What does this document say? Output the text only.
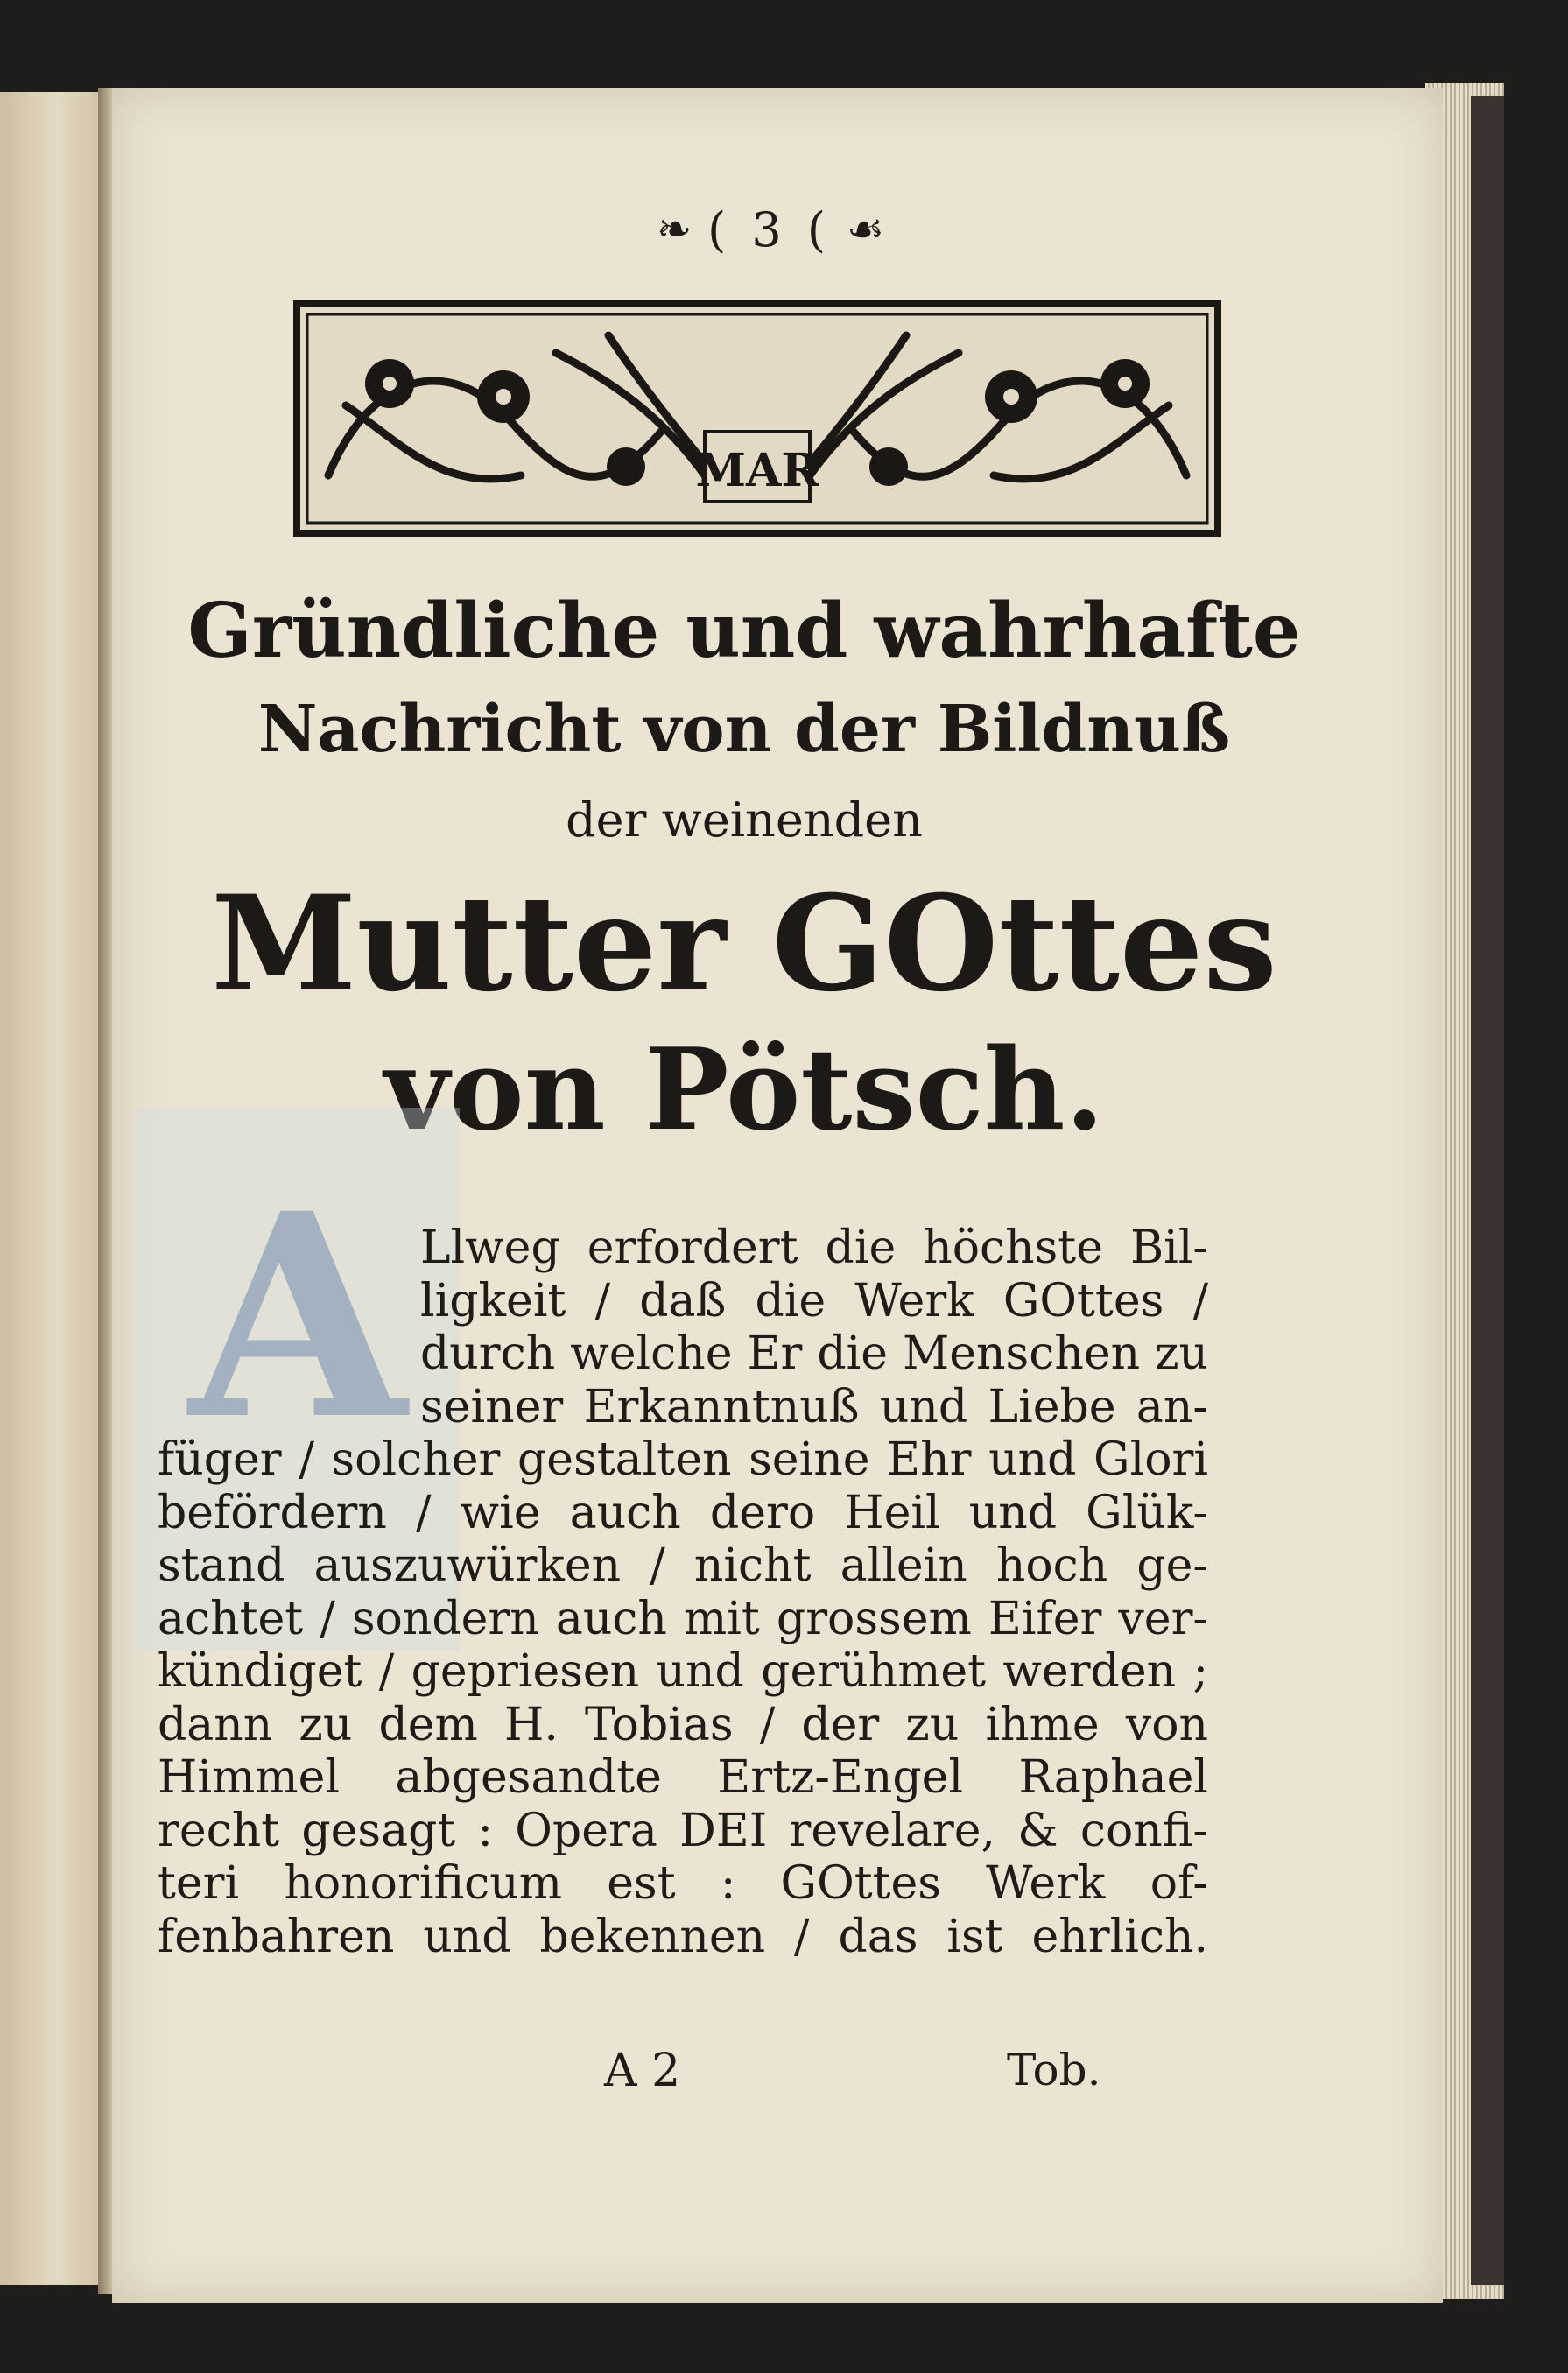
❧ ( 3 ( ☙
MAR
Gründliche und wahrhafte
Nachricht von der Bildnuß
der weinenden
Mutter GOttes
von Pötsch.
A Llweg erfordert die höchste Bil-
ligkeit / daß die Werk GOttes /
durch welche Er die Menschen zu
seiner Erkanntnuß und Liebe an-
füger / solcher gestalten seine Ehr und Glori
befördern / wie auch dero Heil und Glük-
stand auszuwürken / nicht allein hoch ge-
achtet / sondern auch mit grossem Eifer ver-
kündiget / gepriesen und gerühmet werden ;
dann zu dem H. Tobias / der zu ihme von
Himmel abgesandte Ertz-Engel Raphael
recht gesagt : Opera DEI revelare, & confi-
teri honorificum est : GOttes Werk of-
fenbahren und bekennen / das ist ehrlich.
A 2	Tob.
